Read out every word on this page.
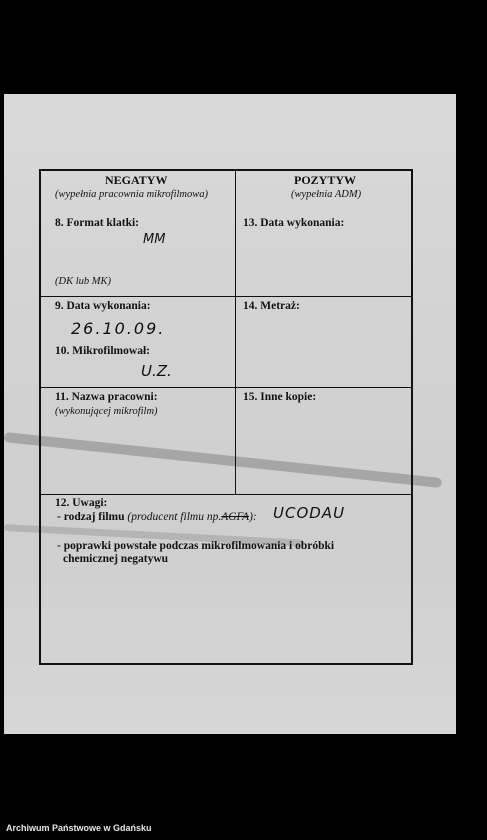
NEGATYW
(wypełnia pracownia mikrofilmowa)
POZYTYW
(wypełnia ADM)
8. Format klatki:
MM
(DK lub MK)
13. Data wykonania:
9. Data wykonania:
26.10.09.
10. Mikrofilmował:
U.Z.
14. Metraż:
11. Nazwa pracowni:
(wykonującej mikrofilm)
15. Inne kopie:
12. Uwagi:
- rodzaj filmu (producent filmu np.AGFA): UCODAU
- poprawki powstałe podczas mikrofilmowania i obróbki
chemicznej negatywu
Archiwum Państwowe w Gdańsku
